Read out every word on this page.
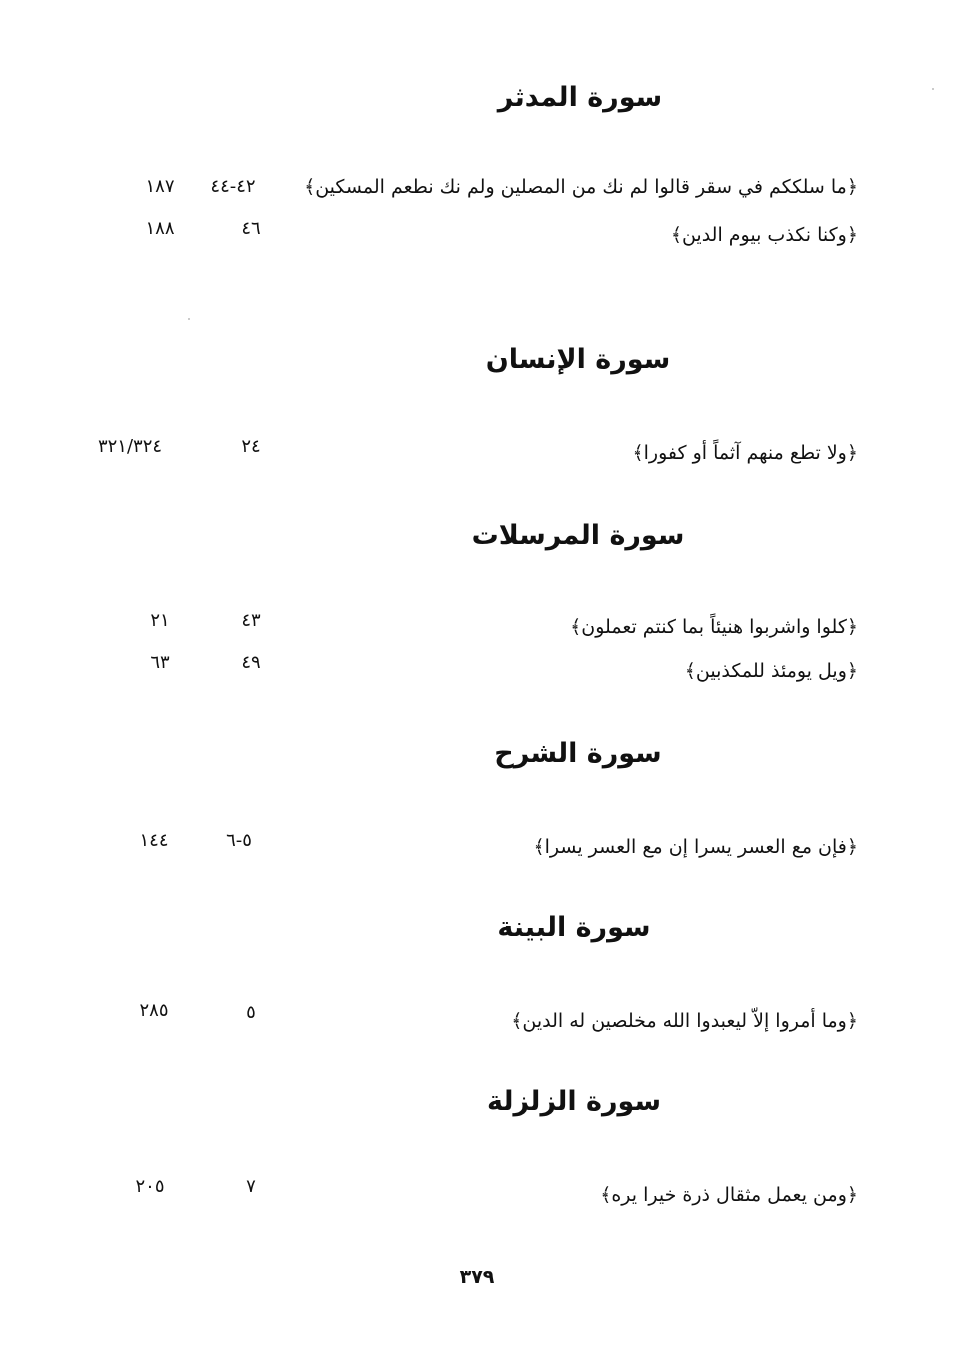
سورة المدثر
﴿ما سلككم في سقر قالوا لم نك من المصلين ولم نك نطعم المسكين﴾
٤٢-٤٤
١٨٧
﴿وكنا نكذب بيوم الدين﴾
٤٦
١٨٨
سورة الإنسان
﴿ولا تطع منهم آثماً أو كفورا﴾
٢٤
٣٢١/٣٢٤
سورة المرسلات
﴿كلوا واشربوا هنيئاً بما كنتم تعملون﴾
٤٣
٢١
﴿ويل يومئذ للمكذبين﴾
٤٩
٦٣
سورة الشرح
﴿فإن مع العسر يسرا إن مع العسر يسرا﴾
٥-٦
١٤٤
سورة البينة
﴿وما أمروا إلاّ ليعبدوا الله مخلصين له الدين﴾
٥
٢٨٥
سورة الزلزلة
﴿ومن يعمل مثقال ذرة خيرا يره﴾
٧
٢٠٥
٣٧٩
